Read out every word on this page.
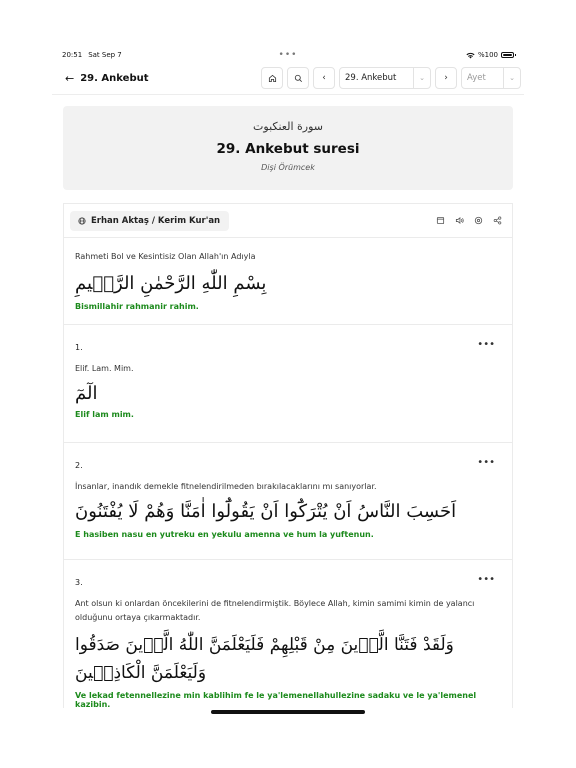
20:51 Sat Sep 7	•••	%100
← 29. Ankebut	‹ 29. Ankebut	⌄ › Ayet	⌄
سورة العنكبوت
29. Ankebut suresi
Dişi Örümcek
Erhan Aktaş / Kerim Kur'an
Rahmeti Bol ve Kesintisiz Olan Allah'ın Adıyla
بِسْمِ اللّٰهِ الرَّحْمٰنِ الرَّح۪يمِ
Bismillahir rahmanir rahim.
1.	•••
Elif. Lam. Mim.
الٓمٓ
Elif lam mim.
2.	•••
İnsanlar, inandık demekle fitnelendirilmeden bırakılacaklarını mı sanıyorlar.
اَحَسِبَ النَّاسُ اَنْ يُتْرَكُٓوا اَنْ يَقُولُٓوا اٰمَنَّا وَهُمْ لَا يُفْتَنُونَ
E hasiben nasu en yutreku en yekulu amenna ve hum la yuftenun.
3.	•••
Ant olsun ki onlardan öncekilerini de fitnelendirmiştik. Böylece Allah, kimin samimi kimin de yalancı olduğunu ortaya çıkarmaktadır.
وَلَقَدْ فَتَنَّا الَّذ۪ينَ مِنْ قَبْلِهِمْ فَلَيَعْلَمَنَّ اللّٰهُ الَّذ۪ينَ صَدَقُوا وَلَيَعْلَمَنَّ الْكَاذِب۪ينَ
Ve lekad fetennellezine min kablihim fe le ya'lemenellahullezine sadaku ve le ya'lemenel kazibin.
